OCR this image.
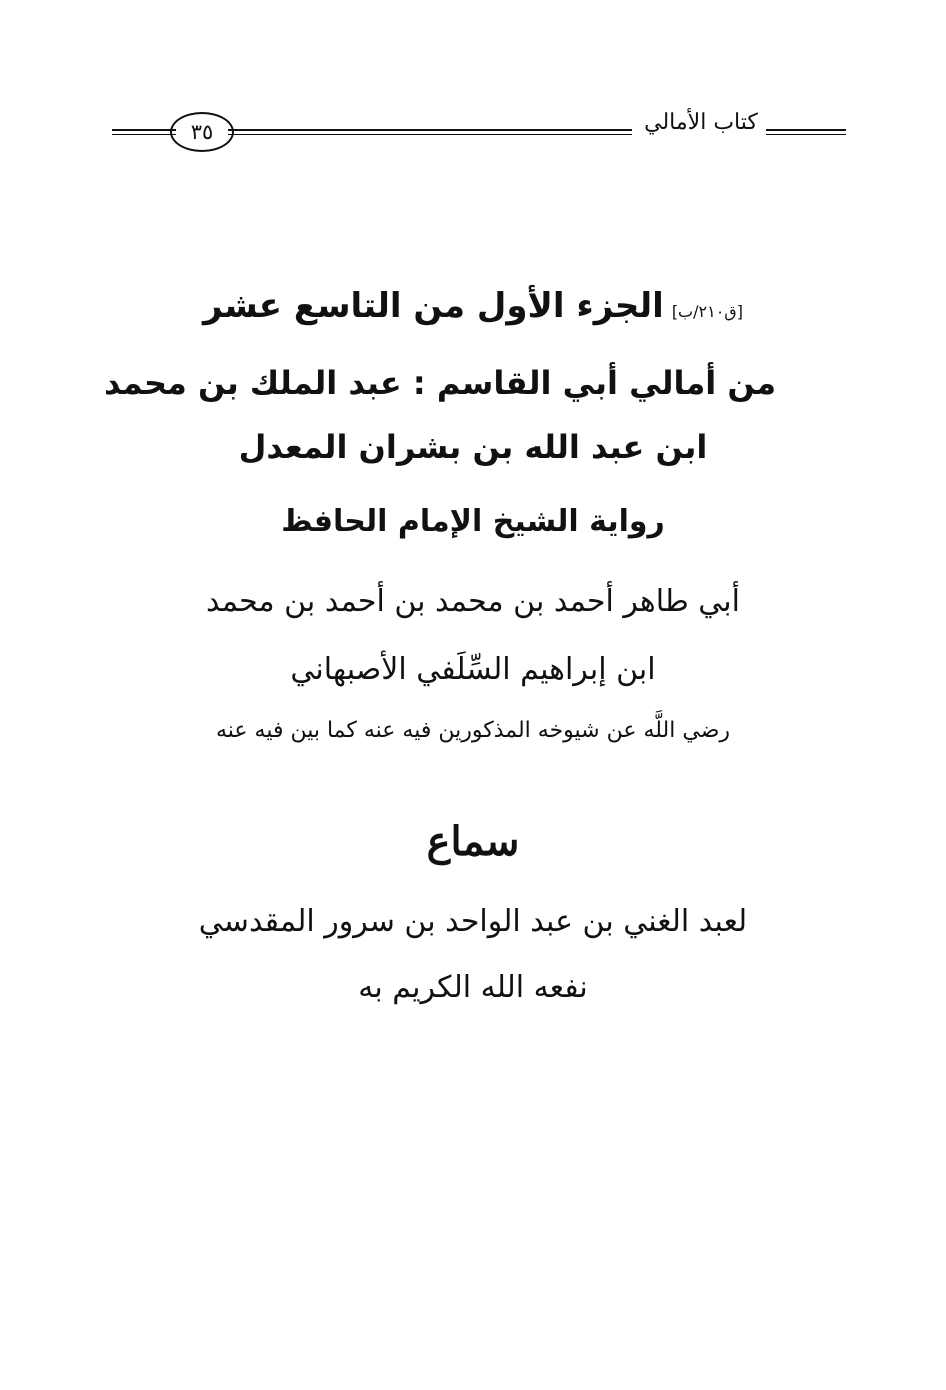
٣٥	كتاب الأمالي
[ق٢١٠/ب]الجزء الأول من التاسع عشر
من أمالي أبي القاسم : عبد الملك بن محمد
ابن عبد الله بن بشران المعدل
رواية الشيخ الإمام الحافظ
أبي طاهر أحمد بن محمد بن أحمد بن محمد
ابن إبراهيم السِّلَفي الأصبهاني
رضي اللَّه عن شيوخه المذكورين فيه عنه كما بين فيه عنه
سماع
لعبد الغني بن عبد الواحد بن سرور المقدسي
نفعه الله الكريم به
